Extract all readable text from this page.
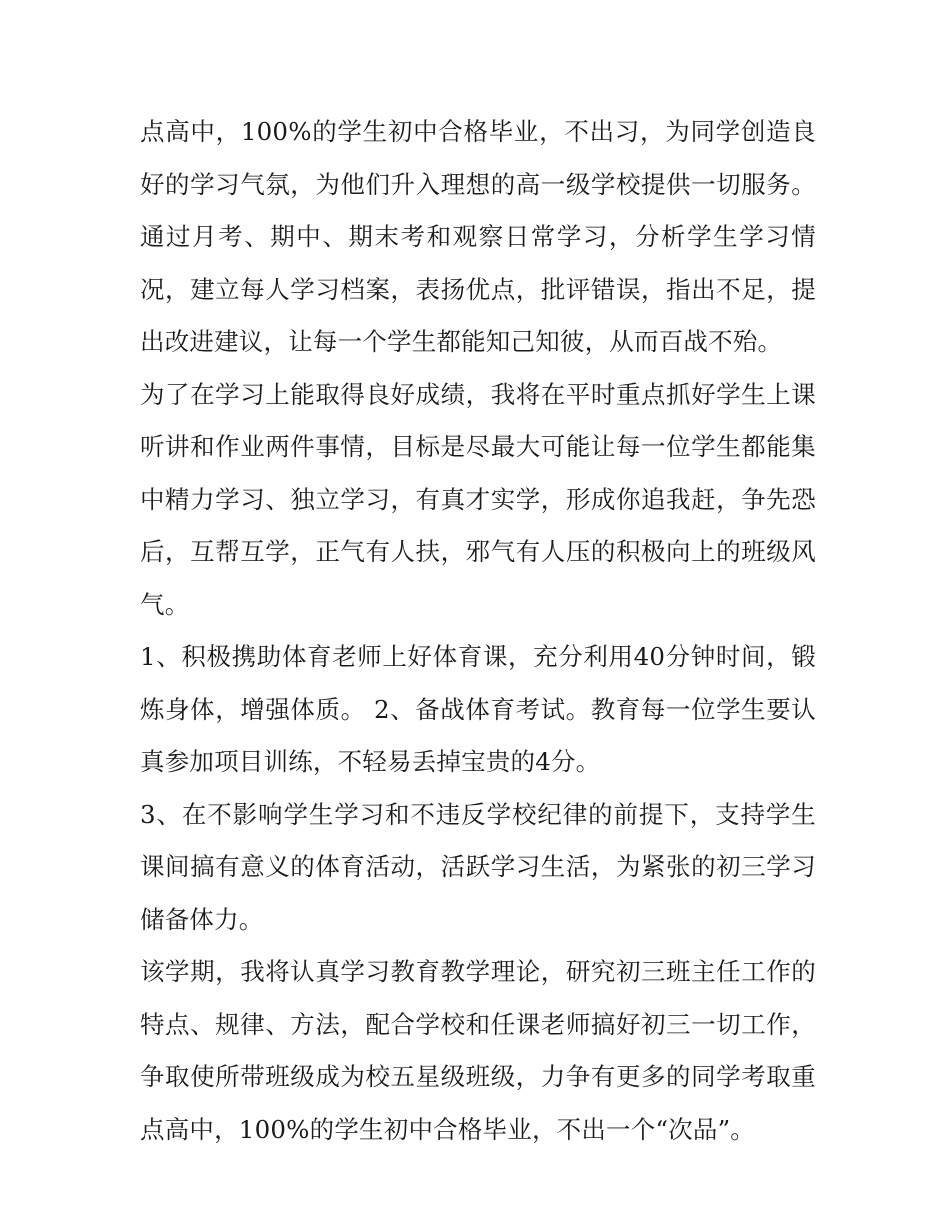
点高中，100%的学生初中合格毕业，不出习，为同学创造良
好的学习气氛，为他们升入理想的高一级学校提供一切服务。
通过月考、期中、期末考和观察日常学习，分析学生学习情
况，建立每人学习档案，表扬优点，批评错误，指出不足，提
出改进建议，让每一个学生都能知己知彼，从而百战不殆。
为了在学习上能取得良好成绩，我将在平时重点抓好学生上课
听讲和作业两件事情，目标是尽最大可能让每一位学生都能集
中精力学习、独立学习，有真才实学，形成你追我赶，争先恐
后，互帮互学，正气有人扶，邪气有人压的积极向上的班级风
气。
1、积极携助体育老师上好体育课，充分利用40分钟时间，锻
炼身体，增强体质。 2、备战体育考试。教育每一位学生要认
真参加项目训练，不轻易丢掉宝贵的4分。
3、在不影响学生学习和不违反学校纪律的前提下，支持学生
课间搞有意义的体育活动，活跃学习生活，为紧张的初三学习
储备体力。
该学期，我将认真学习教育教学理论，研究初三班主任工作的
特点、规律、方法，配合学校和任课老师搞好初三一切工作，
争取使所带班级成为校五星级班级，力争有更多的同学考取重
点高中，100%的学生初中合格毕业，不出一个“次品”。
